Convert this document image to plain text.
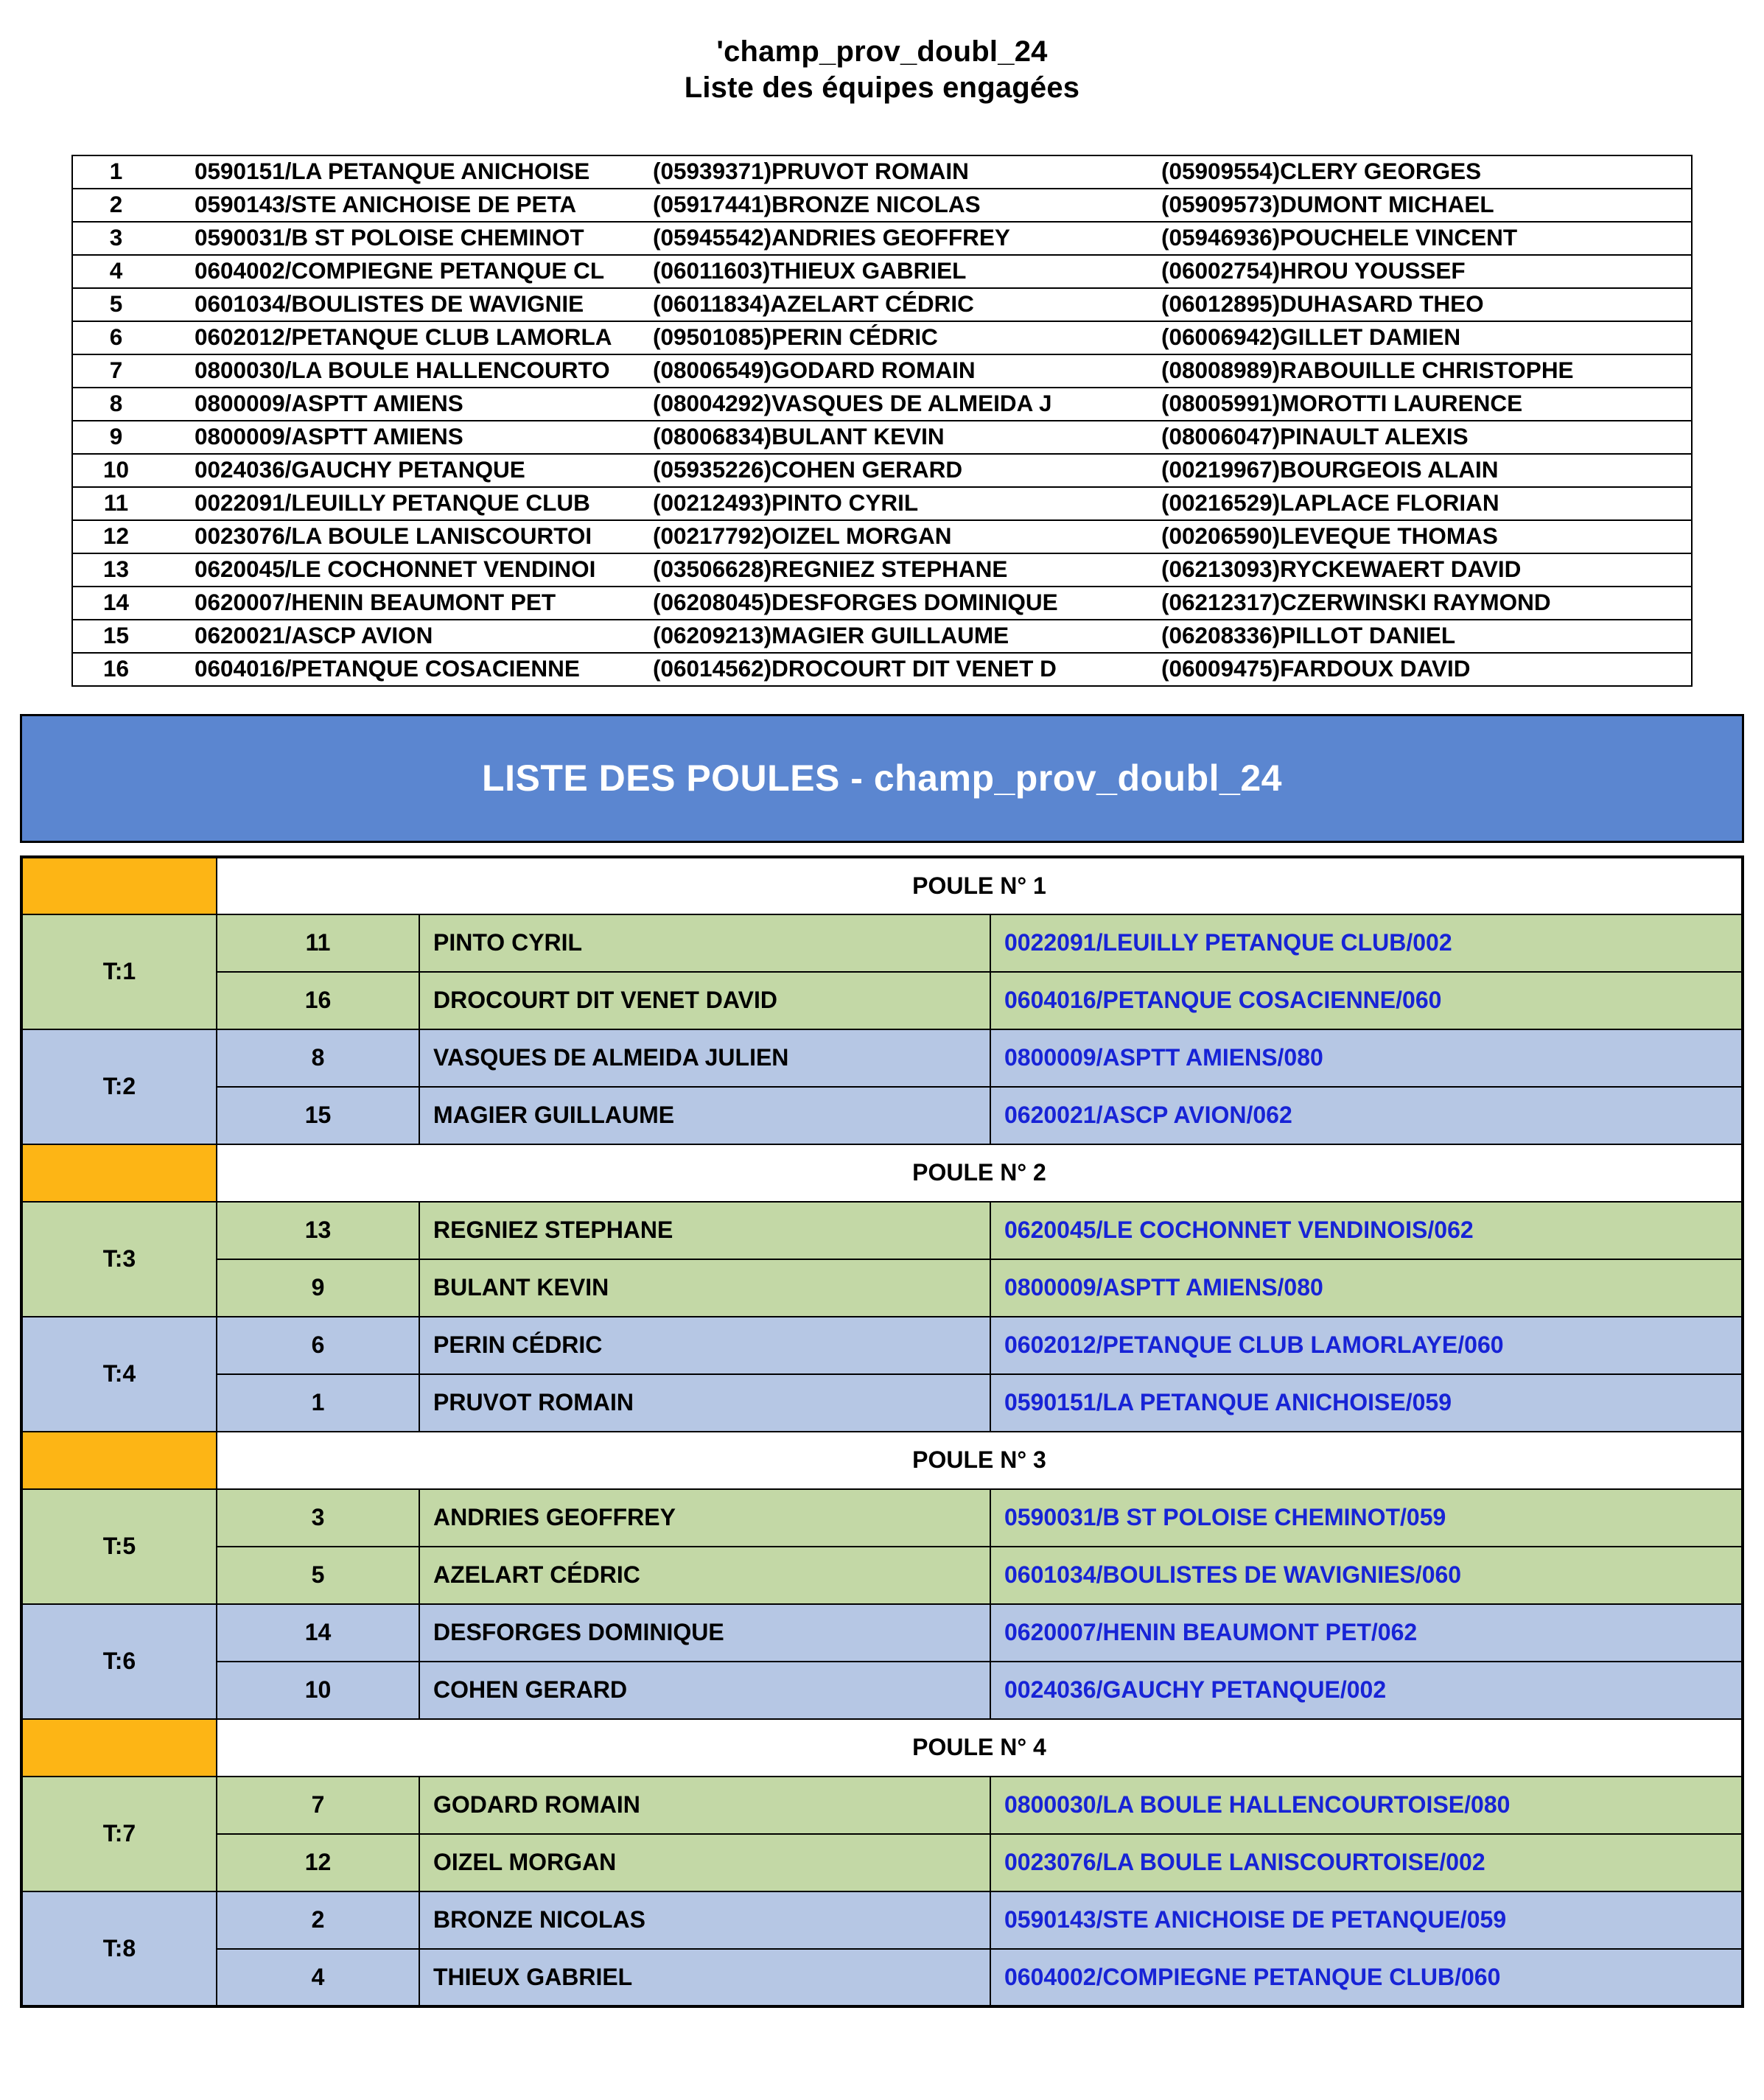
'champ_prov_doubl_24
Liste des équipes engagées
1	0590151/LA PETANQUE ANICHOISE	(05939371)PRUVOT ROMAIN	(05909554)CLERY GEORGES
2	0590143/STE ANICHOISE DE PETA	(05917441)BRONZE NICOLAS	(05909573)DUMONT MICHAEL
3	0590031/B ST POLOISE CHEMINOT	(05945542)ANDRIES GEOFFREY	(05946936)POUCHELE VINCENT
4	0604002/COMPIEGNE PETANQUE CL	(06011603)THIEUX GABRIEL	(06002754)HROU YOUSSEF
5	0601034/BOULISTES DE WAVIGNIE	(06011834)AZELART CÉDRIC	(06012895)DUHASARD THEO
6	0602012/PETANQUE CLUB LAMORLA	(09501085)PERIN CÉDRIC	(06006942)GILLET DAMIEN
7	0800030/LA BOULE HALLENCOURTO	(08006549)GODARD ROMAIN	(08008989)RABOUILLE CHRISTOPHE
8	0800009/ASPTT AMIENS	(08004292)VASQUES DE ALMEIDA J	(08005991)MOROTTI LAURENCE
9	0800009/ASPTT AMIENS	(08006834)BULANT KEVIN	(08006047)PINAULT ALEXIS
10	0024036/GAUCHY PETANQUE	(05935226)COHEN GERARD	(00219967)BOURGEOIS ALAIN
11	0022091/LEUILLY PETANQUE CLUB	(00212493)PINTO CYRIL	(00216529)LAPLACE FLORIAN
12	0023076/LA BOULE LANISCOURTOI	(00217792)OIZEL MORGAN	(00206590)LEVEQUE THOMAS
13	0620045/LE COCHONNET VENDINOI	(03506628)REGNIEZ STEPHANE	(06213093)RYCKEWAERT DAVID
14	0620007/HENIN BEAUMONT PET	(06208045)DESFORGES DOMINIQUE	(06212317)CZERWINSKI RAYMOND
15	0620021/ASCP AVION	(06209213)MAGIER GUILLAUME	(06208336)PILLOT DANIEL
16	0604016/PETANQUE COSACIENNE	(06014562)DROCOURT DIT VENET D	(06009475)FARDOUX DAVID
LISTE DES POULES - champ_prov_doubl_24
	POULE N° 1		
T:1	11	PINTO CYRIL	0022091/LEUILLY PETANQUE CLUB/002
	16	DROCOURT DIT VENET DAVID	0604016/PETANQUE COSACIENNE/060
T:2	8	VASQUES DE ALMEIDA JULIEN	0800009/ASPTT AMIENS/080
	15	MAGIER GUILLAUME	0620021/ASCP AVION/062
	POULE N° 2		
T:3	13	REGNIEZ STEPHANE	0620045/LE COCHONNET VENDINOIS/062
	9	BULANT KEVIN	0800009/ASPTT AMIENS/080
T:4	6	PERIN CÉDRIC	0602012/PETANQUE CLUB LAMORLAYE/060
	1	PRUVOT ROMAIN	0590151/LA PETANQUE ANICHOISE/059
	POULE N° 3		
T:5	3	ANDRIES GEOFFREY	0590031/B ST POLOISE CHEMINOT/059
	5	AZELART CÉDRIC	0601034/BOULISTES DE WAVIGNIES/060
T:6	14	DESFORGES DOMINIQUE	0620007/HENIN BEAUMONT PET/062
	10	COHEN GERARD	0024036/GAUCHY PETANQUE/002
	POULE N° 4		
T:7	7	GODARD ROMAIN	0800030/LA BOULE HALLENCOURTOISE/080
	12	OIZEL MORGAN	0023076/LA BOULE LANISCOURTOISE/002
T:8	2	BRONZE NICOLAS	0590143/STE ANICHOISE DE PETANQUE/059
	4	THIEUX GABRIEL	0604002/COMPIEGNE PETANQUE CLUB/060
